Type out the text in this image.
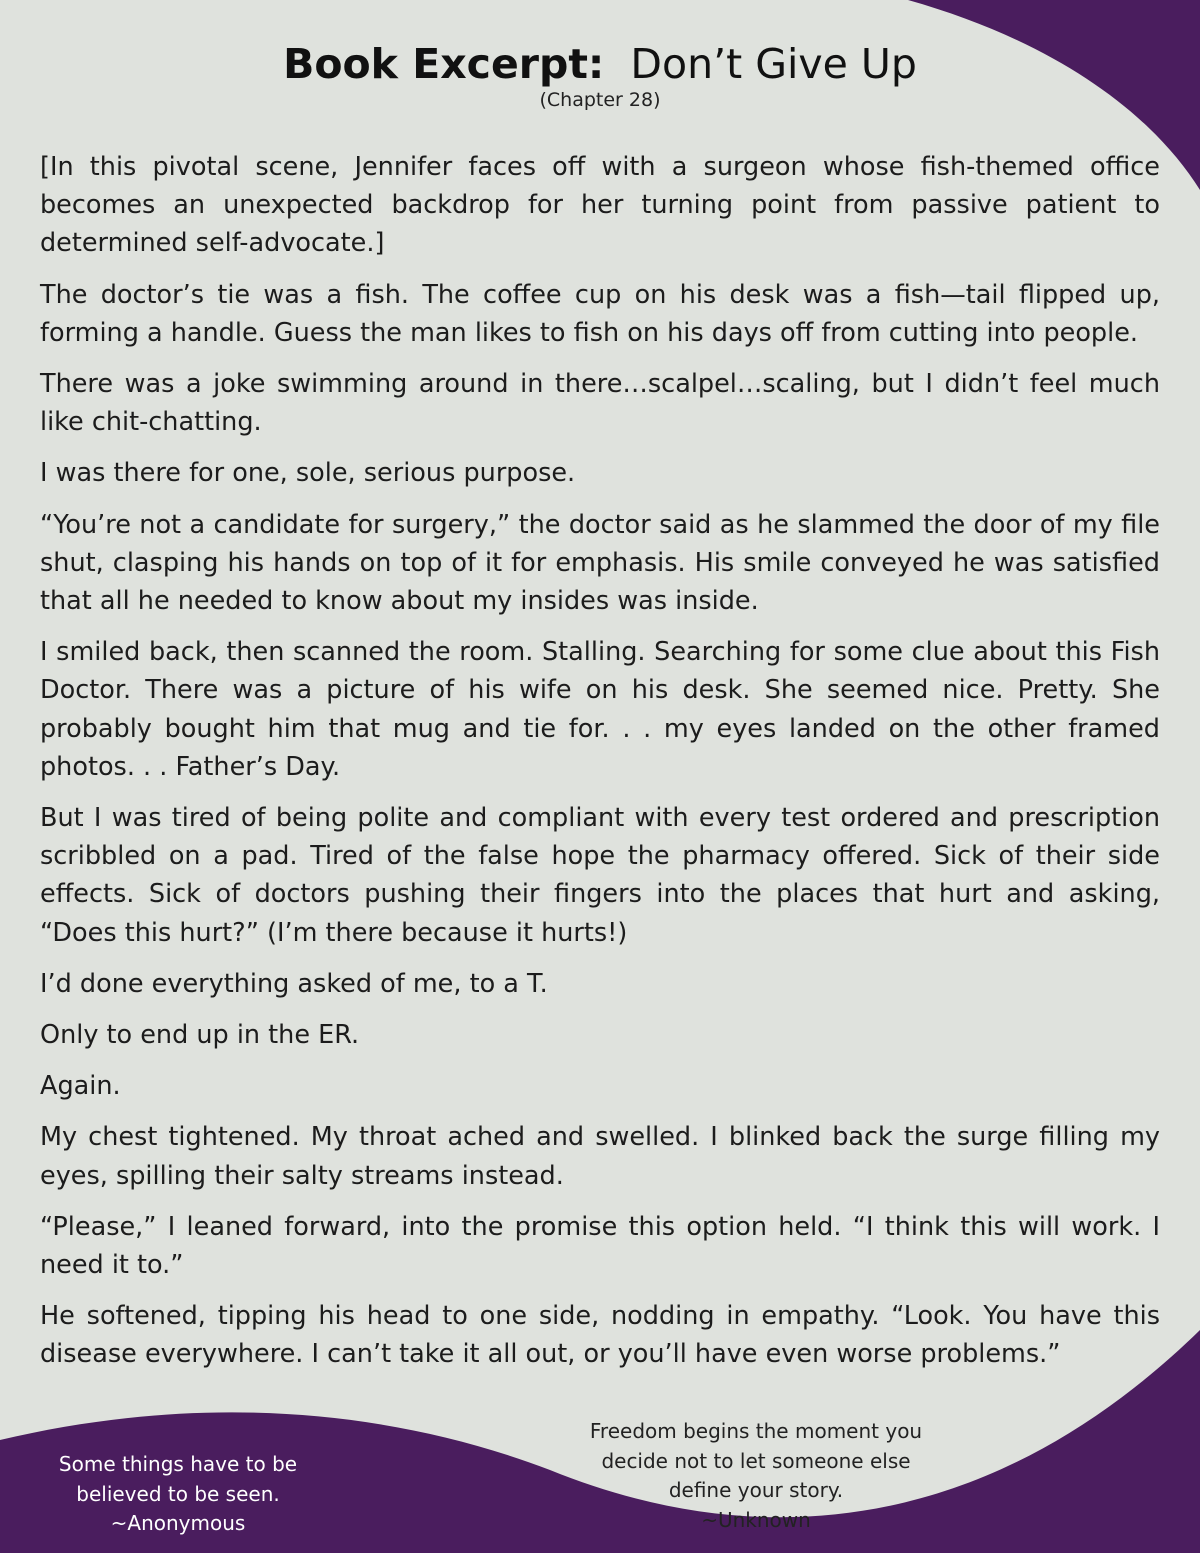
Book Excerpt: Don’t Give Up
(Chapter 28)

[In this pivotal scene, Jennifer faces off with a surgeon whose fish-themed office becomes an unexpected backdrop for her turning point from passive patient to determined self-advocate.]

The doctor’s tie was a fish. The coffee cup on his desk was a fish—tail flipped up, forming a handle. Guess the man likes to fish on his days off from cutting into people.

There was a joke swimming around in there…scalpel…scaling, but I didn’t feel much like chit-chatting.

I was there for one, sole, serious purpose.

“You’re not a candidate for surgery,” the doctor said as he slammed the door of my file shut, clasping his hands on top of it for emphasis. His smile conveyed he was satisfied that all he needed to know about my insides was inside.

I smiled back, then scanned the room. Stalling. Searching for some clue about this Fish Doctor. There was a picture of his wife on his desk. She seemed nice. Pretty. She probably bought him that mug and tie for. . . my eyes landed on the other framed photos. . . Father’s Day.

But I was tired of being polite and compliant with every test ordered and prescription scribbled on a pad. Tired of the false hope the pharmacy offered. Sick of their side effects. Sick of doctors pushing their fingers into the places that hurt and asking, “Does this hurt?” (I’m there because it hurts!)

I’d done everything asked of me, to a T.

Only to end up in the ER.

Again.

My chest tightened. My throat ached and swelled. I blinked back the surge filling my eyes, spilling their salty streams instead.

“Please,” I leaned forward, into the promise this option held. “I think this will work. I need it to.”

He softened, tipping his head to one side, nodding in empathy. “Look. You have this disease everywhere. I can’t take it all out, or you’ll have even worse problems.”

Some things have to be
believed to be seen.
~Anonymous
Freedom begins the moment you
decide not to let someone else
define your story.
~Unknown
